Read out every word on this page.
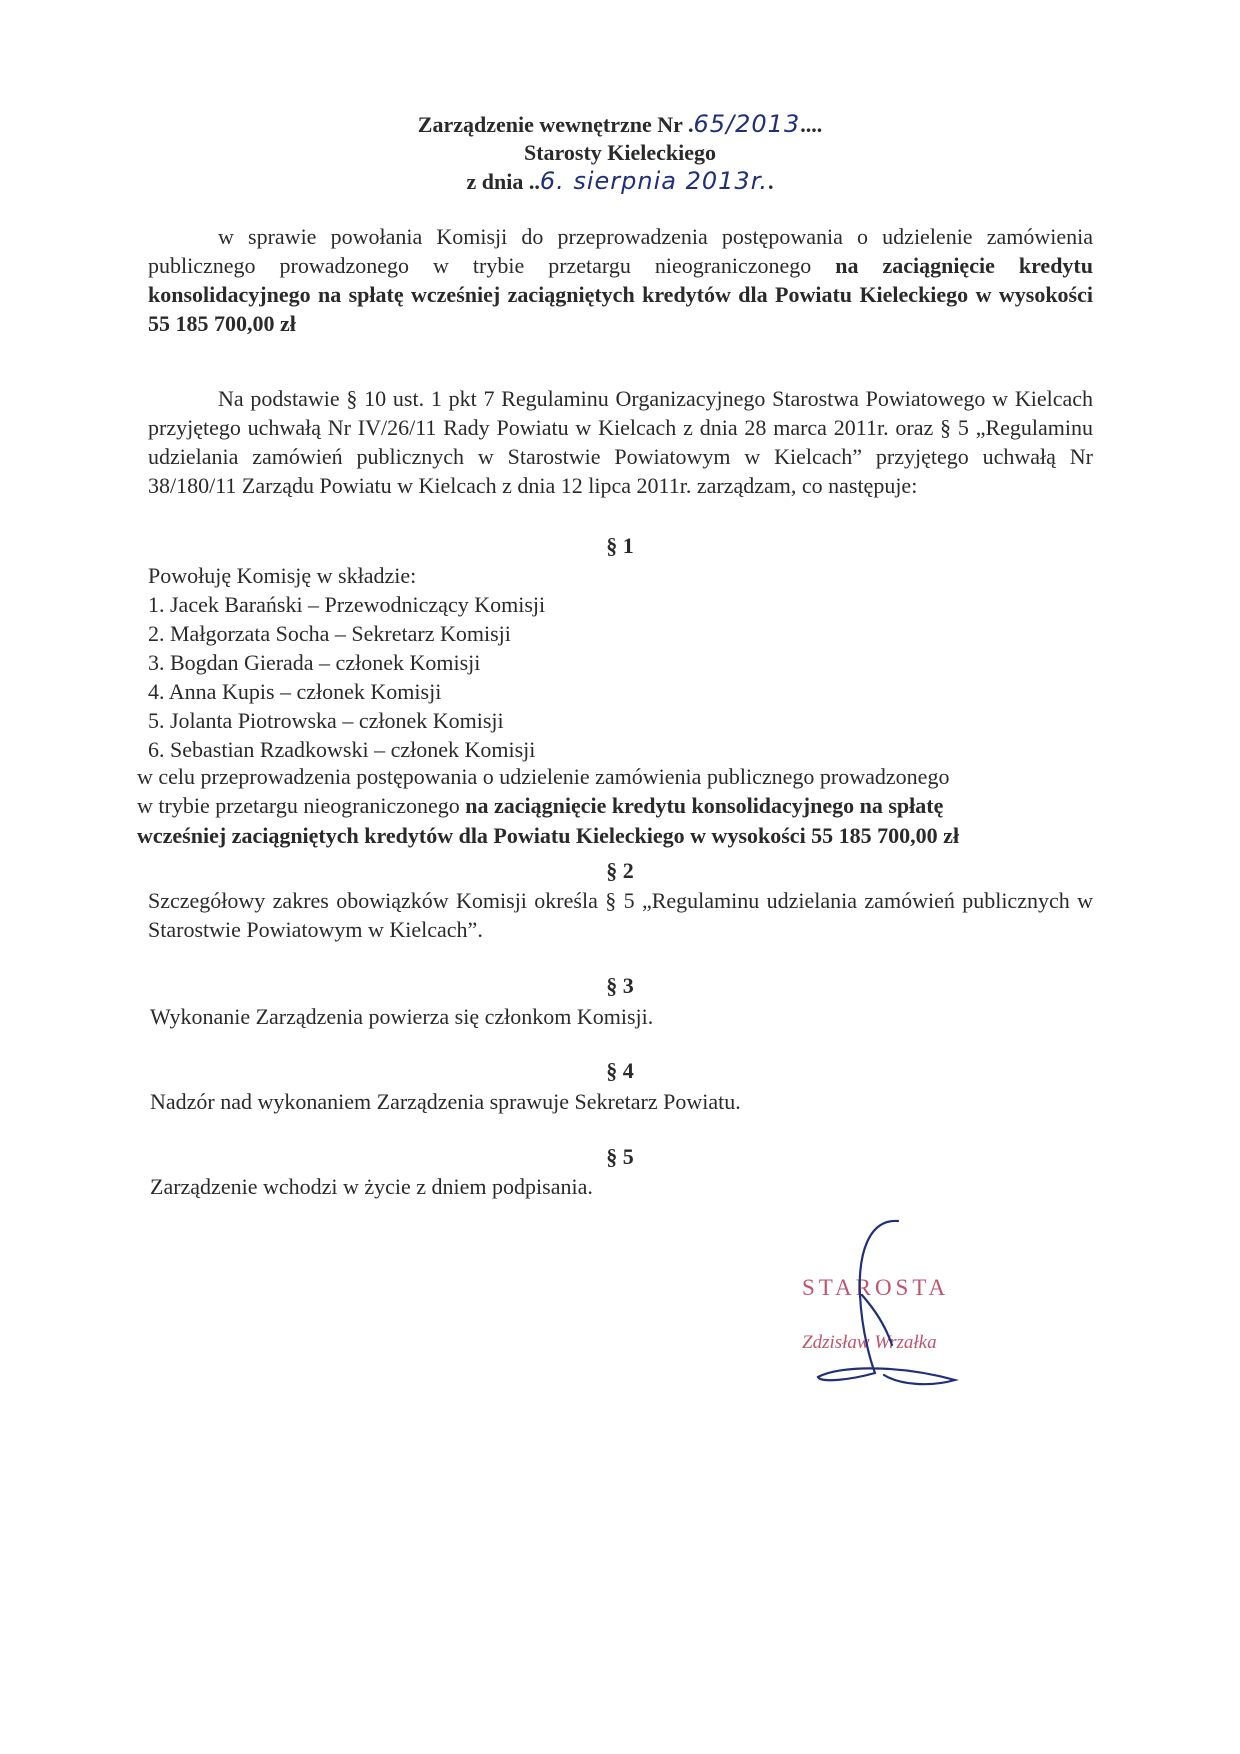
Zarządzenie wewnętrzne Nr .65/2013....
Starosty Kieleckiego
z dnia ..6. sierpnia 2013r..
w sprawie powołania Komisji do przeprowadzenia postępowania o udzielenie zamówienia publicznego prowadzonego w trybie przetargu nieograniczonego na zaciągnięcie kredytu konsolidacyjnego na spłatę wcześniej zaciągniętych kredytów dla Powiatu Kieleckiego w wysokości 55 185 700,00 zł
Na podstawie § 10 ust. 1 pkt 7 Regulaminu Organizacyjnego Starostwa Powiatowego w Kielcach przyjętego uchwałą Nr IV/26/11 Rady Powiatu w Kielcach z dnia 28 marca 2011r. oraz § 5 „Regulaminu udzielania zamówień publicznych w Starostwie Powiatowym w Kielcach” przyjętego uchwałą Nr 38/180/11 Zarządu Powiatu w Kielcach z dnia 12 lipca 2011r. zarządzam, co następuje:
§ 1
Powołuję Komisję w składzie:
1. Jacek Barański – Przewodniczący Komisji
2. Małgorzata Socha – Sekretarz Komisji
3. Bogdan Gierada – członek Komisji
4. Anna Kupis – członek Komisji
5. Jolanta Piotrowska – członek Komisji
6. Sebastian Rzadkowski – członek Komisji
w celu przeprowadzenia postępowania o udzielenie zamówienia publicznego prowadzonego
w trybie przetargu nieograniczonego na zaciągnięcie kredytu konsolidacyjnego na spłatę
wcześniej zaciągniętych kredytów dla Powiatu Kieleckiego w wysokości 55 185 700,00 zł
§ 2
Szczegółowy zakres obowiązków Komisji określa § 5 „Regulaminu udzielania zamówień publicznych w Starostwie Powiatowym w Kielcach”.
§ 3
Wykonanie Zarządzenia powierza się członkom Komisji.
§ 4
Nadzór nad wykonaniem Zarządzenia sprawuje Sekretarz Powiatu.
§ 5
Zarządzenie wchodzi w życie z dniem podpisania.
STAROSTA
Zdzisław Wrzałka
